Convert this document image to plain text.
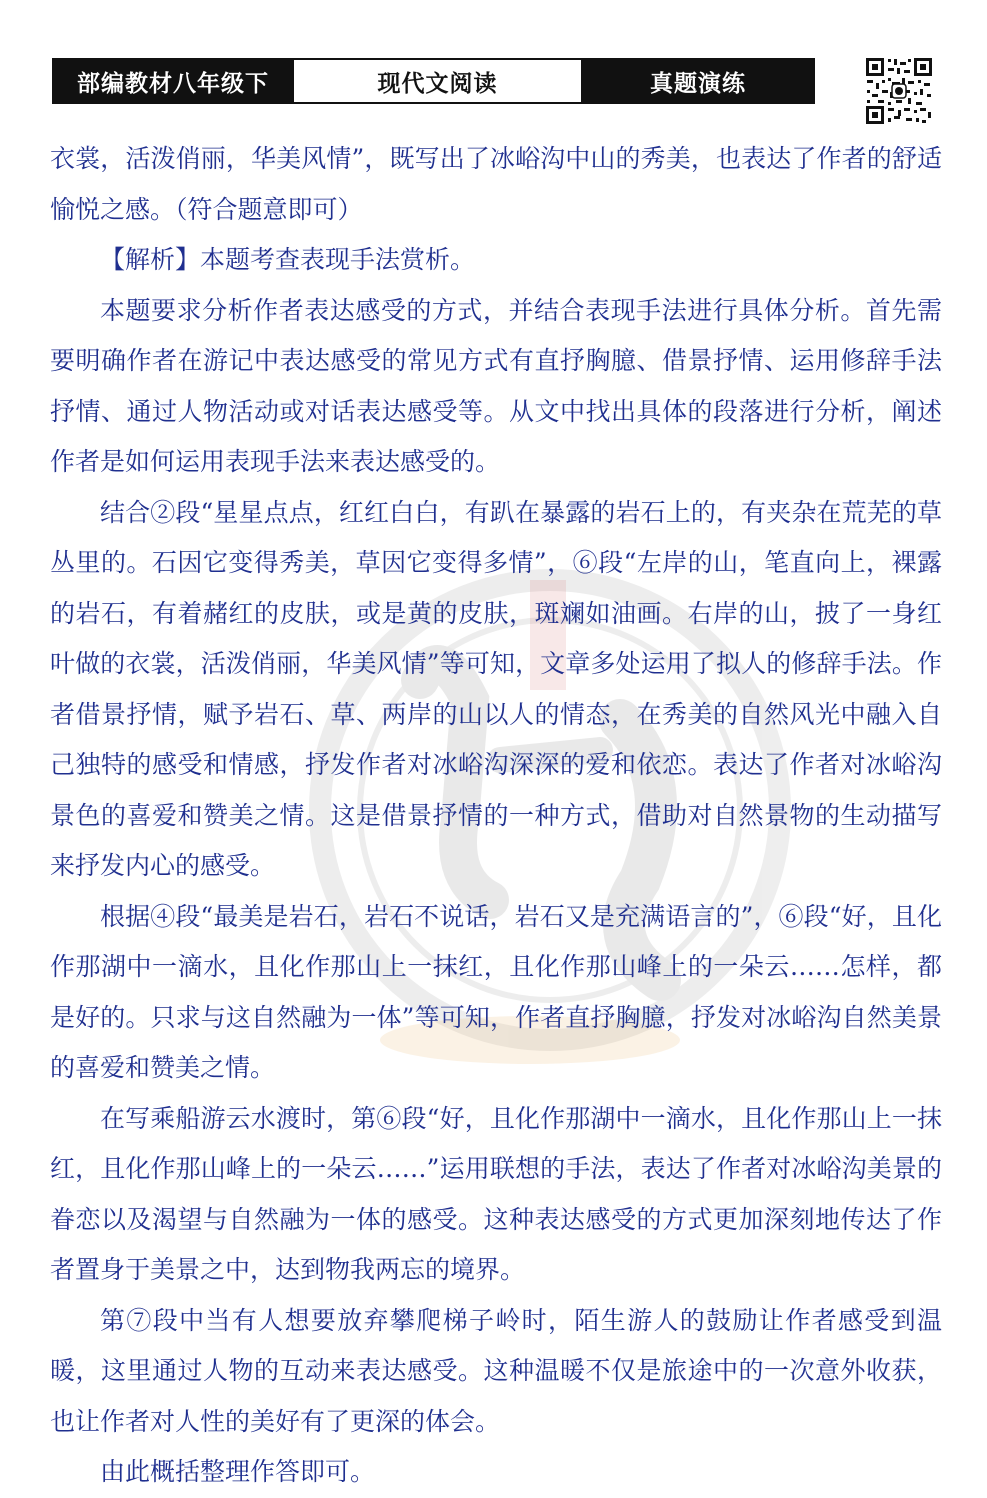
部编教材八年级下	现代文阅读	真题演练

衣裳，活泼俏丽，华美风情”，既写出了冰峪沟中山的秀美，也表达了作者的舒适愉悦之感。（符合题意即可）

【解析】本题考查表现手法赏析。

本题要求分析作者表达感受的方式，并结合表现手法进行具体分析。首先需要明确作者在游记中表达感受的常见方式有直抒胸臆、借景抒情、运用修辞手法抒情、通过人物活动或对话表达感受等。从文中找出具体的段落进行分析，阐述作者是如何运用表现手法来表达感受的。

结合②段“星星点点，红红白白，有趴在暴露的岩石上的，有夹杂在荒芜的草丛里的。石因它变得秀美，草因它变得多情”，⑥段“左岸的山，笔直向上，裸露的岩石，有着赭红的皮肤，或是黄的皮肤，斑斓如油画。右岸的山，披了一身红叶做的衣裳，活泼俏丽，华美风情”等可知，文章多处运用了拟人的修辞手法。作者借景抒情，赋予岩石、草、两岸的山以人的情态，在秀美的自然风光中融入自己独特的感受和情感，抒发作者对冰峪沟深深的爱和依恋。表达了作者对冰峪沟景色的喜爱和赞美之情。这是借景抒情的一种方式，借助对自然景物的生动描写来抒发内心的感受。

根据④段“最美是岩石，岩石不说话，岩石又是充满语言的”，⑥段“好，且化作那湖中一滴水，且化作那山上一抹红，且化作那山峰上的一朵云……怎样，都是好的。只求与这自然融为一体”等可知，作者直抒胸臆，抒发对冰峪沟自然美景的喜爱和赞美之情。

在写乘船游云水渡时，第⑥段“好，且化作那湖中一滴水，且化作那山上一抹红，且化作那山峰上的一朵云……”运用联想的手法，表达了作者对冰峪沟美景的眷恋以及渴望与自然融为一体的感受。这种表达感受的方式更加深刻地传达了作者置身于美景之中，达到物我两忘的境界。

第⑦段中当有人想要放弃攀爬梯子岭时，陌生游人的鼓励让作者感受到温暖，这里通过人物的互动来表达感受。这种温暖不仅是旅途中的一次意外收获，也让作者对人性的美好有了更深的体会。

由此概括整理作答即可。
